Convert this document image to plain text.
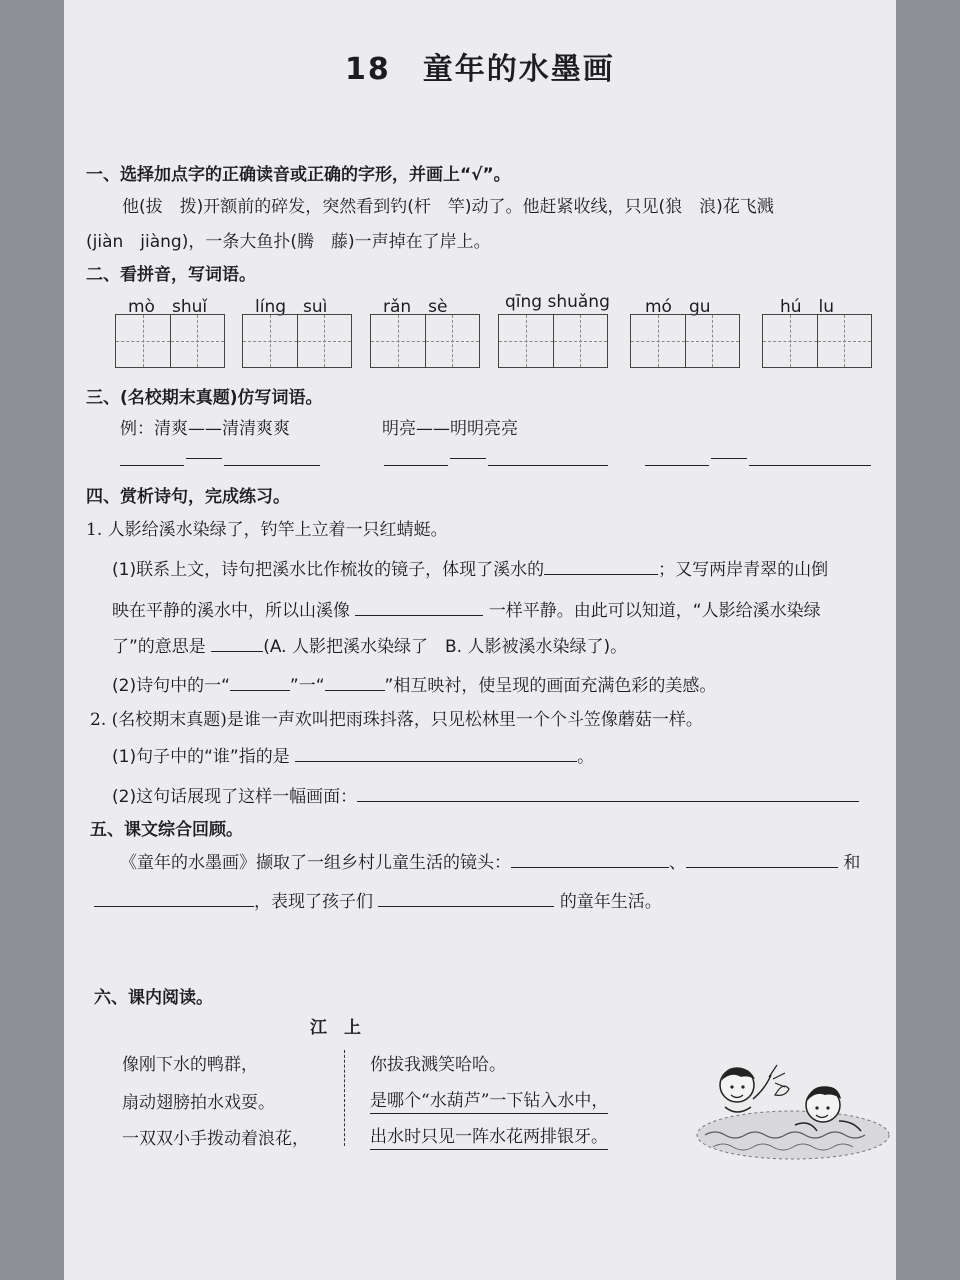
18　童年的水墨画
一、选择加点字的正确读音或正确的字形，并画上“√”。
他(拔　拨)开额前的碎发，突然看到钓(杆　竿)动了。他赶紧收线，只见(狼　浪)花飞溅
(jiàn　jiàng)，一条大鱼扑(腾　藤)一声掉在了岸上。
二、看拼音，写词语。
mò　shuǐ	líng　suì	rǎn　sè	qīng shuǎng mó　gu	hú　lu
三、(名校期末真题)仿写词语。
例：清爽——清清爽爽	明亮——明明亮亮
四、赏析诗句，完成练习。
1. 人影给溪水染绿了，钓竿上立着一只红蜻蜓。
(1)联系上文，诗句把溪水比作梳妆的镜子，体现了溪水的	；又写两岸青翠的山倒
映在平静的溪水中，所以山溪像	一样平静。由此可以知道，“人影给溪水染绿
了”的意思是	(A. 人影把溪水染绿了　B. 人影被溪水染绿了)。
(2)诗句中的一“	”一“	”相互映衬，使呈现的画面充满色彩的美感。
2. (名校期末真题)是谁一声欢叫把雨珠抖落，只见松林里一个个斗笠像蘑菇一样。
(1)句子中的“谁”指的是	。
(2)这句话展现了这样一幅画面：
五、课文综合回顾。
《童年的水墨画》撷取了一组乡村儿童生活的镜头：	、	和
，表现了孩子们	的童年生活。
六、课内阅读。
江　上
像刚下水的鸭群，
扇动翅膀拍水戏耍。
一双双小手拨动着浪花，
你拔我溅笑哈哈。
是哪个“水葫芦”一下钻入水中，
出水时只见一阵水花两排银牙。
